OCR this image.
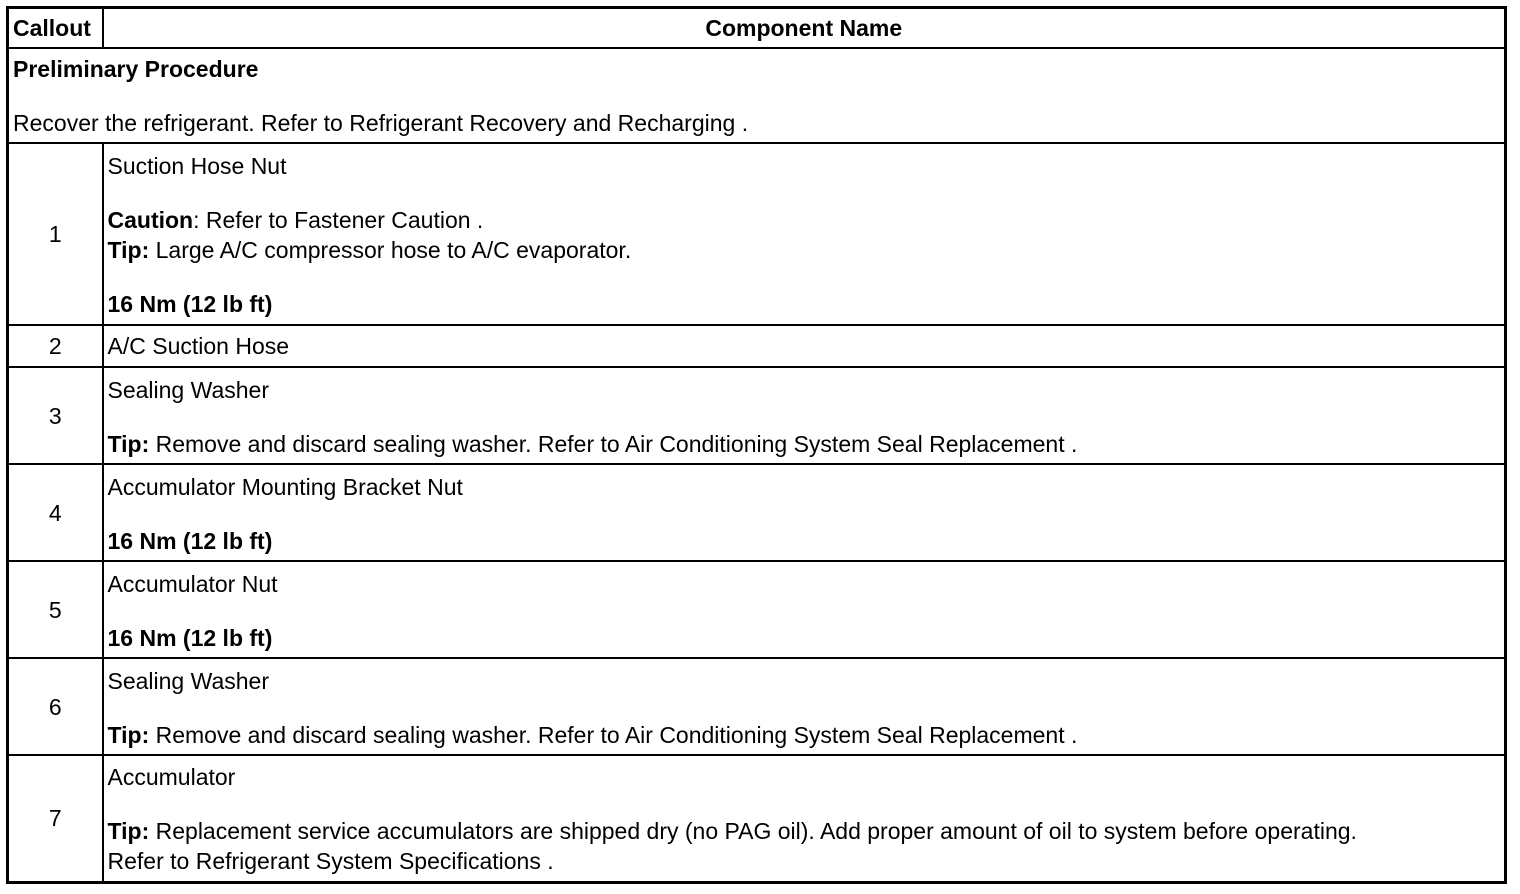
Callout	Component Name

Preliminary Procedure
Recover the refrigerant. Refer to Refrigerant Recovery and Recharging .	

1	Suction Hose Nut
Caution: Refer to Fastener Caution .
Tip: Large A/C compressor hose to A/C evaporator.
16 Nm (12 lb ft)

2	A/C Suction Hose

3	Sealing Washer
Tip: Remove and discard sealing washer. Refer to Air Conditioning System Seal Replacement .

4	Accumulator Mounting Bracket Nut
16 Nm (12 lb ft)

5	Accumulator Nut
16 Nm (12 lb ft)

6	Sealing Washer
Tip: Remove and discard sealing washer. Refer to Air Conditioning System Seal Replacement .

7	Accumulator
Tip: Replacement service accumulators are shipped dry (no PAG oil). Add proper amount of oil to system before operating.
Refer to Refrigerant System Specifications .
